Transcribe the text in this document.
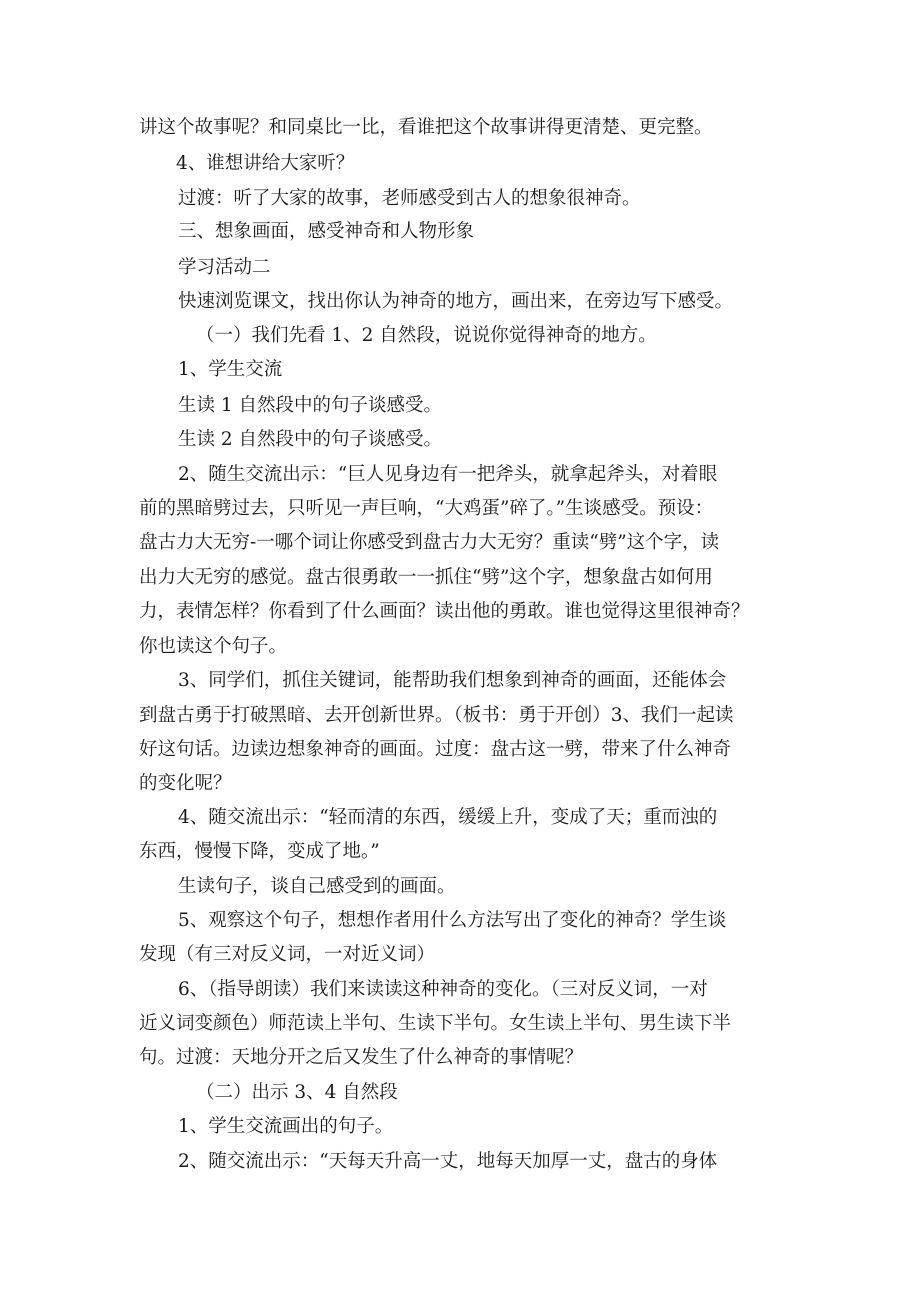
讲这个故事呢？和同桌比一比，看谁把这个故事讲得更清楚、更完整。
4、谁想讲给大家听？
过渡：听了大家的故事，老师感受到古人的想象很神奇。
三、想象画面，感受神奇和人物形象
学习活动二
快速浏览课文，找出你认为神奇的地方，画出来，在旁边写下感受。
（一）我们先看 1、2 自然段，说说你觉得神奇的地方。
1、学生交流
生读 1 自然段中的句子谈感受。
生读 2 自然段中的句子谈感受。
2、随生交流出示：“巨人见身边有一把斧头，就拿起斧头，对着眼
前的黑暗劈过去，只听见一声巨响，“大鸡蛋”碎了。”生谈感受。预设：
盘古力大无穷-一哪个词让你感受到盘古力大无穷？重读“劈”这个字，读
出力大无穷的感觉。盘古很勇敢一一抓住“劈”这个字，想象盘古如何用
力，表情怎样？你看到了什么画面？读出他的勇敢。谁也觉得这里很神奇？
你也读这个句子。
3、同学们，抓住关键词，能帮助我们想象到神奇的画面，还能体会
到盘古勇于打破黑暗、去开创新世界。（板书：勇于开创）3、我们一起读
好这句话。边读边想象神奇的画面。过度：盘古这一劈，带来了什么神奇
的变化呢？
4、随交流出示：“轻而清的东西，缓缓上升，变成了天；重而浊的
东西，慢慢下降，变成了地。”
生读句子，谈自己感受到的画面。
5、观察这个句子，想想作者用什么方法写出了变化的神奇？学生谈
发现（有三对反义词，一对近义词）
6、（指导朗读）我们来读读这种神奇的变化。（三对反义词，一对
近义词变颜色）师范读上半句、生读下半句。女生读上半句、男生读下半
句。过渡：天地分开之后又发生了什么神奇的事情呢？
（二）出示 3、4 自然段
1、学生交流画出的句子。
2、随交流出示：“天每天升高一丈，地每天加厚一丈，盘古的身体
